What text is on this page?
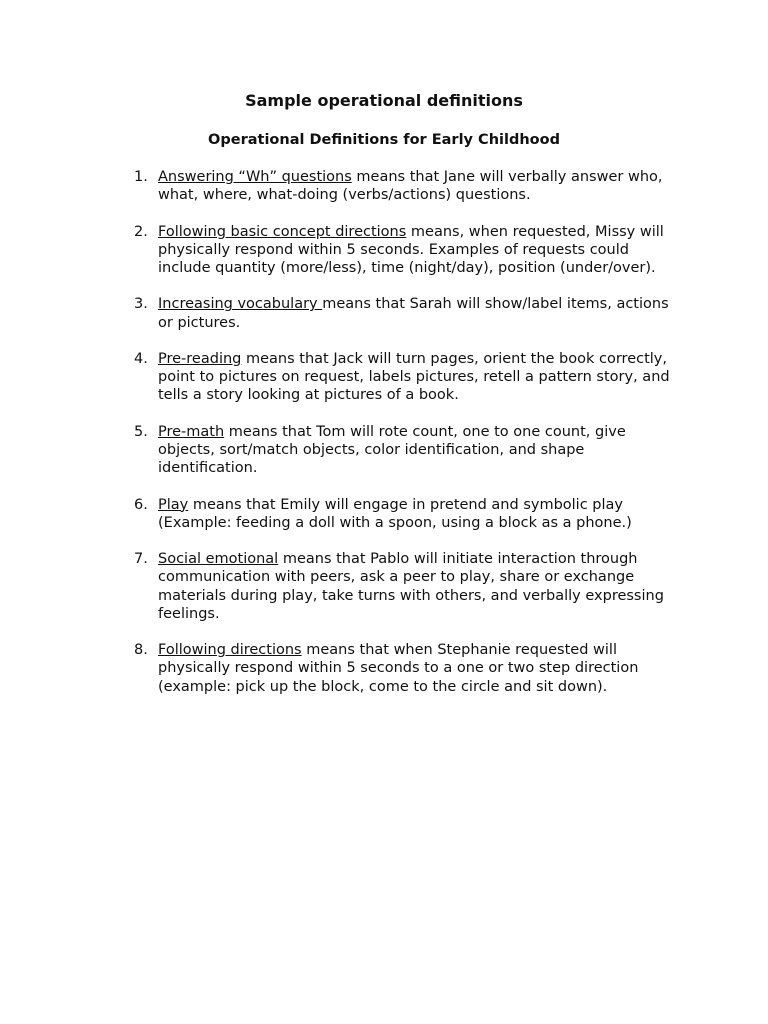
Sample operational definitions
Operational Definitions for Early Childhood
1. Answering “Wh” questions means that Jane will verbally answer who, what, where, what-doing (verbs/actions) questions.
2. Following basic concept directions means, when requested, Missy will physically respond within 5 seconds. Examples of requests could include quantity (more/less), time (night/day), position (under/over).
3. Increasing vocabulary means that Sarah will show/label items, actions or pictures.
4. Pre-reading means that Jack will turn pages, orient the book correctly, point to pictures on request, labels pictures, retell a pattern story, and tells a story looking at pictures of a book.
5. Pre-math means that Tom will rote count, one to one count, give objects, sort/match objects, color identification, and shape identification.
6. Play means that Emily will engage in pretend and symbolic play (Example: feeding a doll with a spoon, using a block as a phone.)
7. Social emotional means that Pablo will initiate interaction through communication with peers, ask a peer to play, share or exchange materials during play, take turns with others, and verbally expressing feelings.
8. Following directions means that when Stephanie requested will physically respond within 5 seconds to a one or two step direction (example: pick up the block, come to the circle and sit down).
